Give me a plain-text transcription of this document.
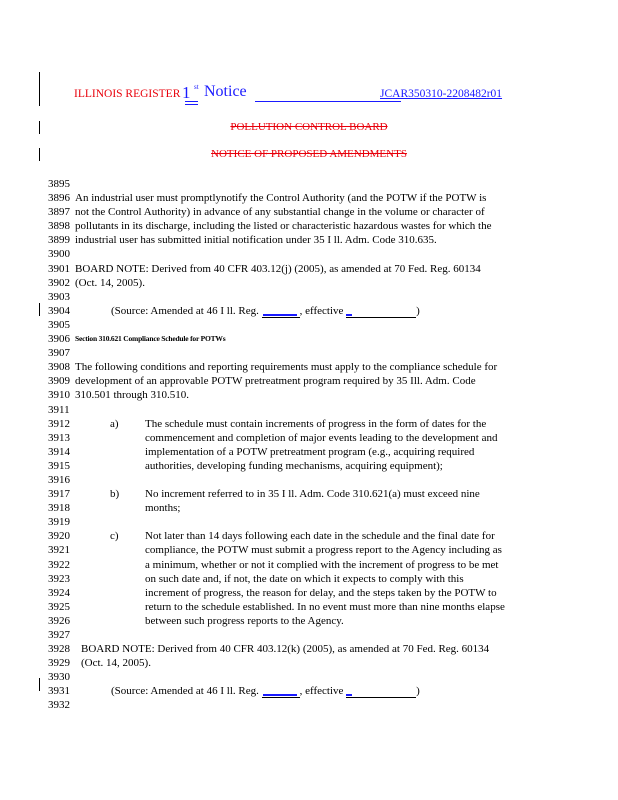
ILLINOIS REGISTER 1 st Notice	JCAR350310-2208482r01
POLLUTION CONTROL BOARD
NOTICE OF PROPOSED AMENDMENTS
3895
3896 An industrial user must promptlynotify the Control Authority (and the POTW if the POTW is
3897 not the Control Authority) in advance of any substantial change in the volume or character of
3898 pollutants in its discharge, including the listed or characteristic hazardous wastes for which the
3899 industrial user has submitted initial notification under 35 I ll. Adm. Code 310.635.
3900
3901 BOARD NOTE: Derived from 40 CFR 403.12(j) (2005), as amended at 70 Fed. Reg. 60134
3902 (Oct. 14, 2005).
3903
3904	(Source: Amended at 46 I ll. Reg.	, effective	)
3905
3906 Section 310.621 Compliance Schedule for POTWs
3907
3908 The following conditions and reporting requirements must apply to the compliance schedule for
3909 development of an approvable POTW pretreatment program required by 35 Ill. Adm. Code
3910 310.501 through 310.510.
3911
3912	a) The schedule must contain increments of progress in the form of dates for the
3913	commencement and completion of major events leading to the development and
3914	implementation of a POTW pretreatment program (e.g., acquiring required
3915	authorities, developing funding mechanisms, acquiring equipment);
3916
3917	b) No increment referred to in 35 I ll. Adm. Code 310.621(a) must exceed nine
3918	months;
3919
3920	c) Not later than 14 days following each date in the schedule and the final date for
3921	compliance, the POTW must submit a progress report to the Agency including as
3922	a minimum, whether or not it complied with the increment of progress to be met
3923	on such date and, if not, the date on which it expects to comply with this
3924	increment of progress, the reason for delay, and the steps taken by the POTW to
3925	return to the schedule established. In no event must more than nine months elapse
3926	between such progress reports to the Agency.
3927
3928 BOARD NOTE: Derived from 40 CFR 403.12(k) (2005), as amended at 70 Fed. Reg. 60134
3929 (Oct. 14, 2005).
3930
3931	(Source: Amended at 46 I ll. Reg.	, effective	)
3932
